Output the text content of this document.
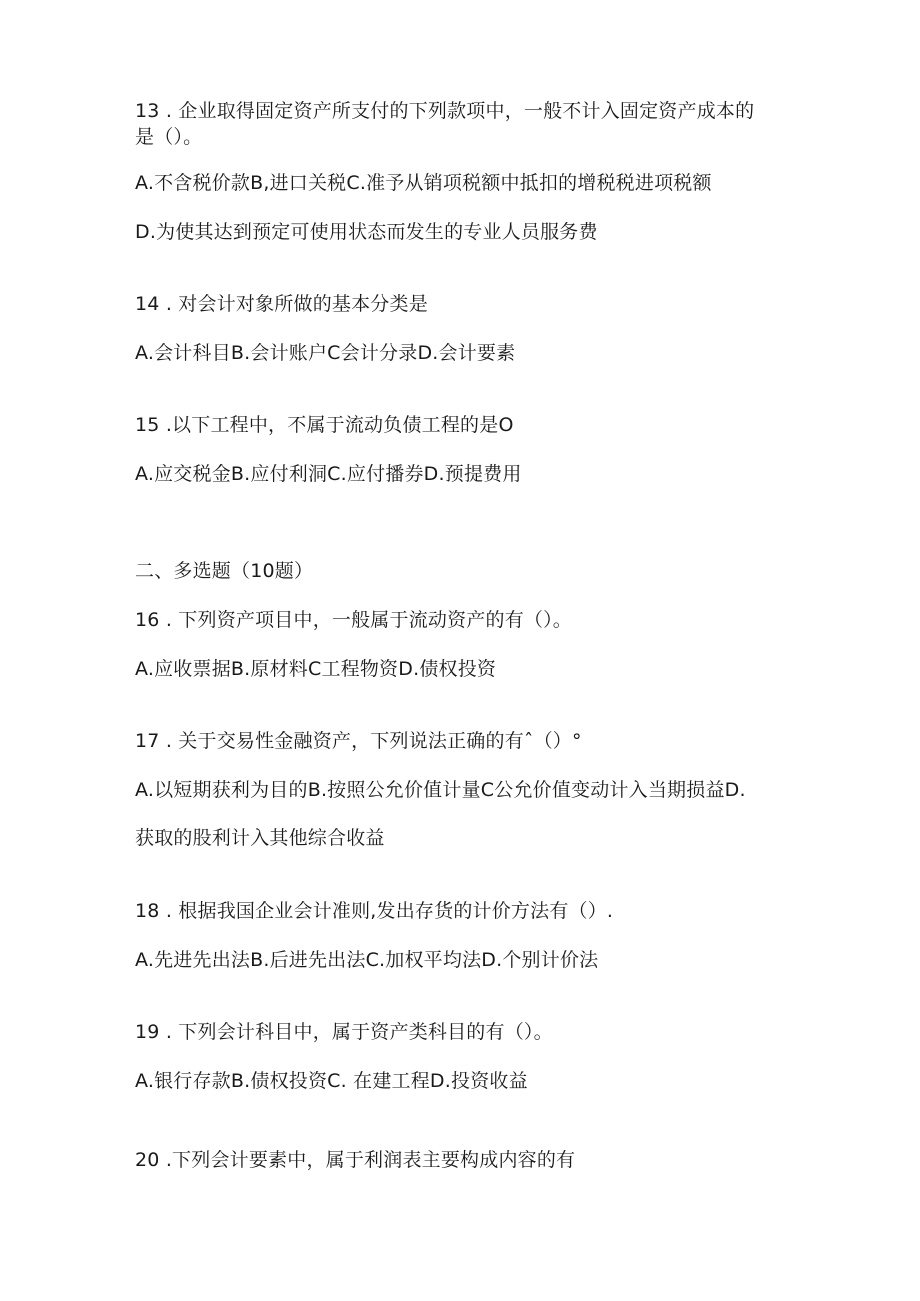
13 . 企业取得固定资产所支付的下列款项中，一般不计入固定资产成本的
是（）。
A.不含税价款B,进口关税C.准予从销项税额中抵扣的增税税进项税额
D.为使其达到预定可使用状态而发生的专业人员服务费
14 . 对会计对象所做的基本分类是
A.会计科目B.会计账户C会计分录D.会计要素
15 .以下工程中，不属于流动负债工程的是O
A.应交税金B.应付利洞C.应付播券D.预提费用
二、多选题（10题）
16 . 下列资产项目中，一般属于流动资产的有（）。
A.应收票据B.原材料C工程物资D.债权投资
17 . 关于交易性金融资产，下列说法正确的有ˆ（）°
A.以短期获利为目的B.按照公允价值计量C公允价值变动计入当期损益D.
获取的股利计入其他综合收益
18 . 根据我国企业会计准则,发出存货的计价方法有（）.
A.先进先出法B.后进先出法C.加权平均法D.个别计价法
19 . 下列会计科目中，属于资产类科目的有（）。
A.银行存款B.债权投资C. 在建工程D.投资收益
20 .下列会计要素中，属于利润表主要构成内容的有
